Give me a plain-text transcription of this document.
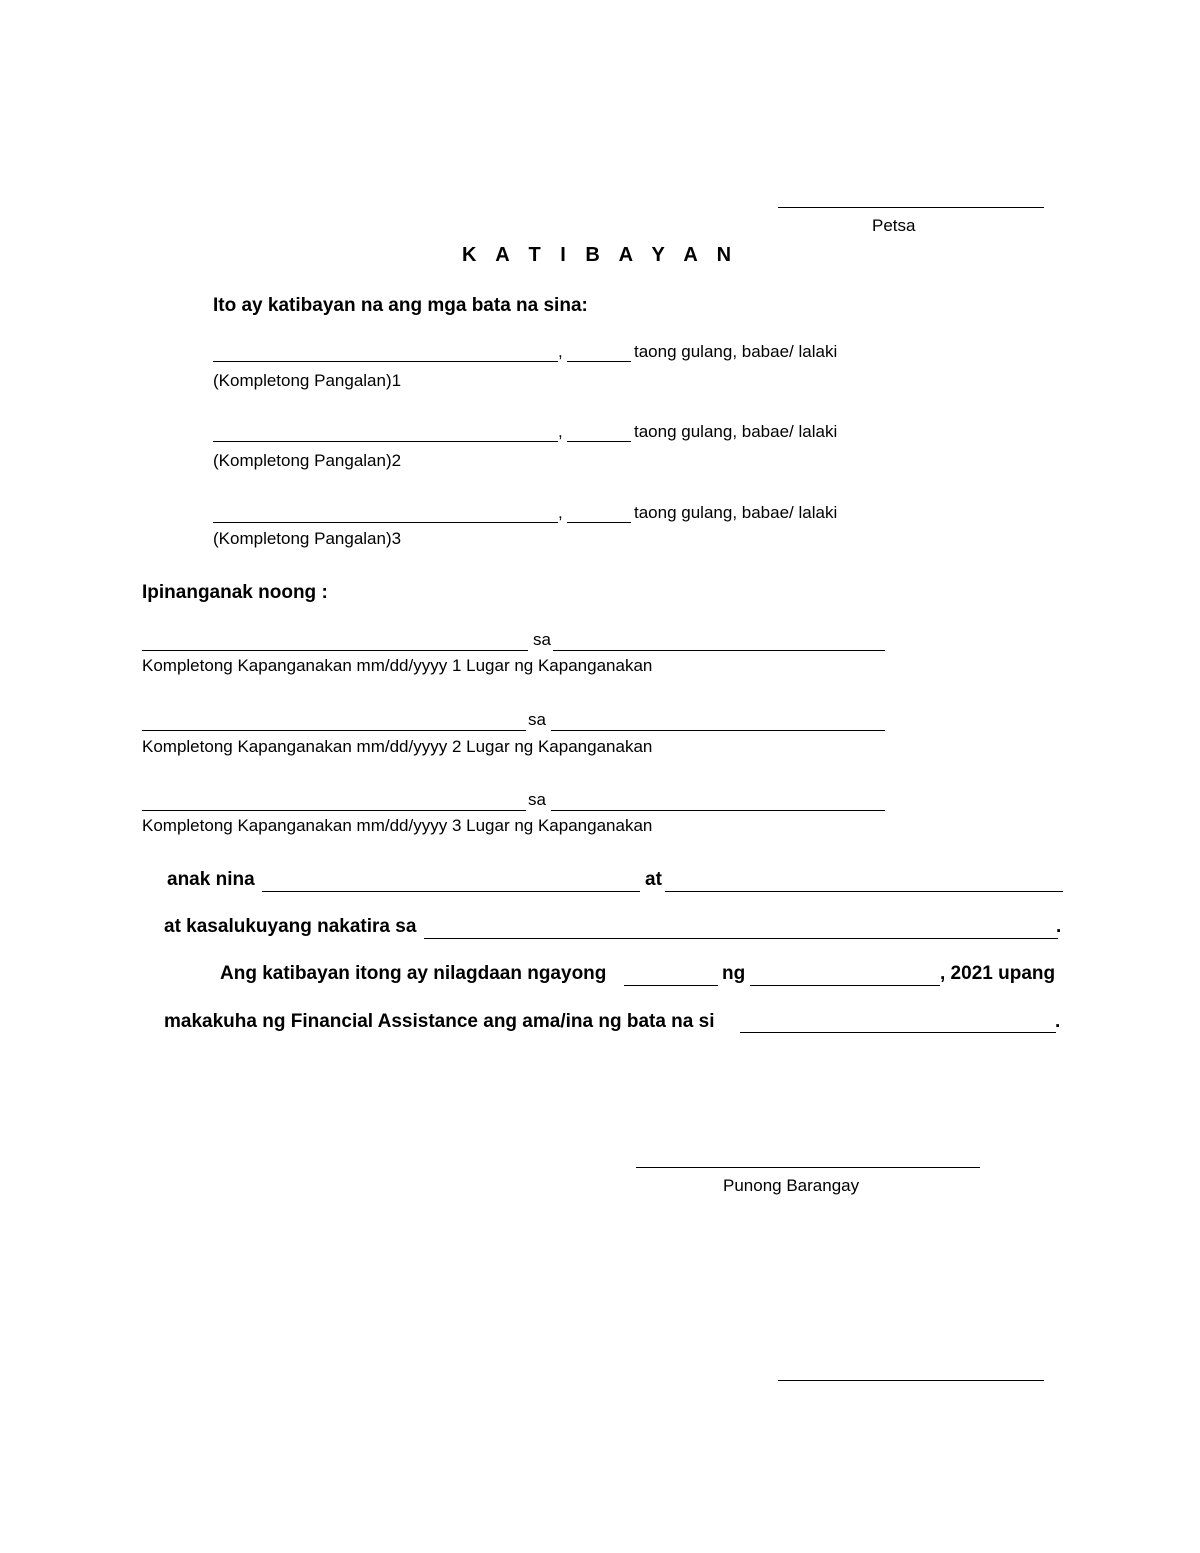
Petsa
K A T I B A Y A N
Ito ay katibayan na ang mga bata na sina:
,	taong gulang, babae/ lalaki
(Kompletong Pangalan)1
,	taong gulang, babae/ lalaki
(Kompletong Pangalan)2
,	taong gulang, babae/ lalaki
(Kompletong Pangalan)3
Ipinanganak noong :
sa
Kompletong Kapanganakan mm/dd/yyyy 1 Lugar ng Kapanganakan
sa
Kompletong Kapanganakan mm/dd/yyyy 2 Lugar ng Kapanganakan
sa
Kompletong Kapanganakan mm/dd/yyyy 3 Lugar ng Kapanganakan
anak nina	at
at kasalukuyang nakatira sa	.
Ang katibayan itong ay nilagdaan ngayong	ng	, 2021 upang
makakuha ng Financial Assistance ang ama/ina ng bata na si	.
Punong Barangay
